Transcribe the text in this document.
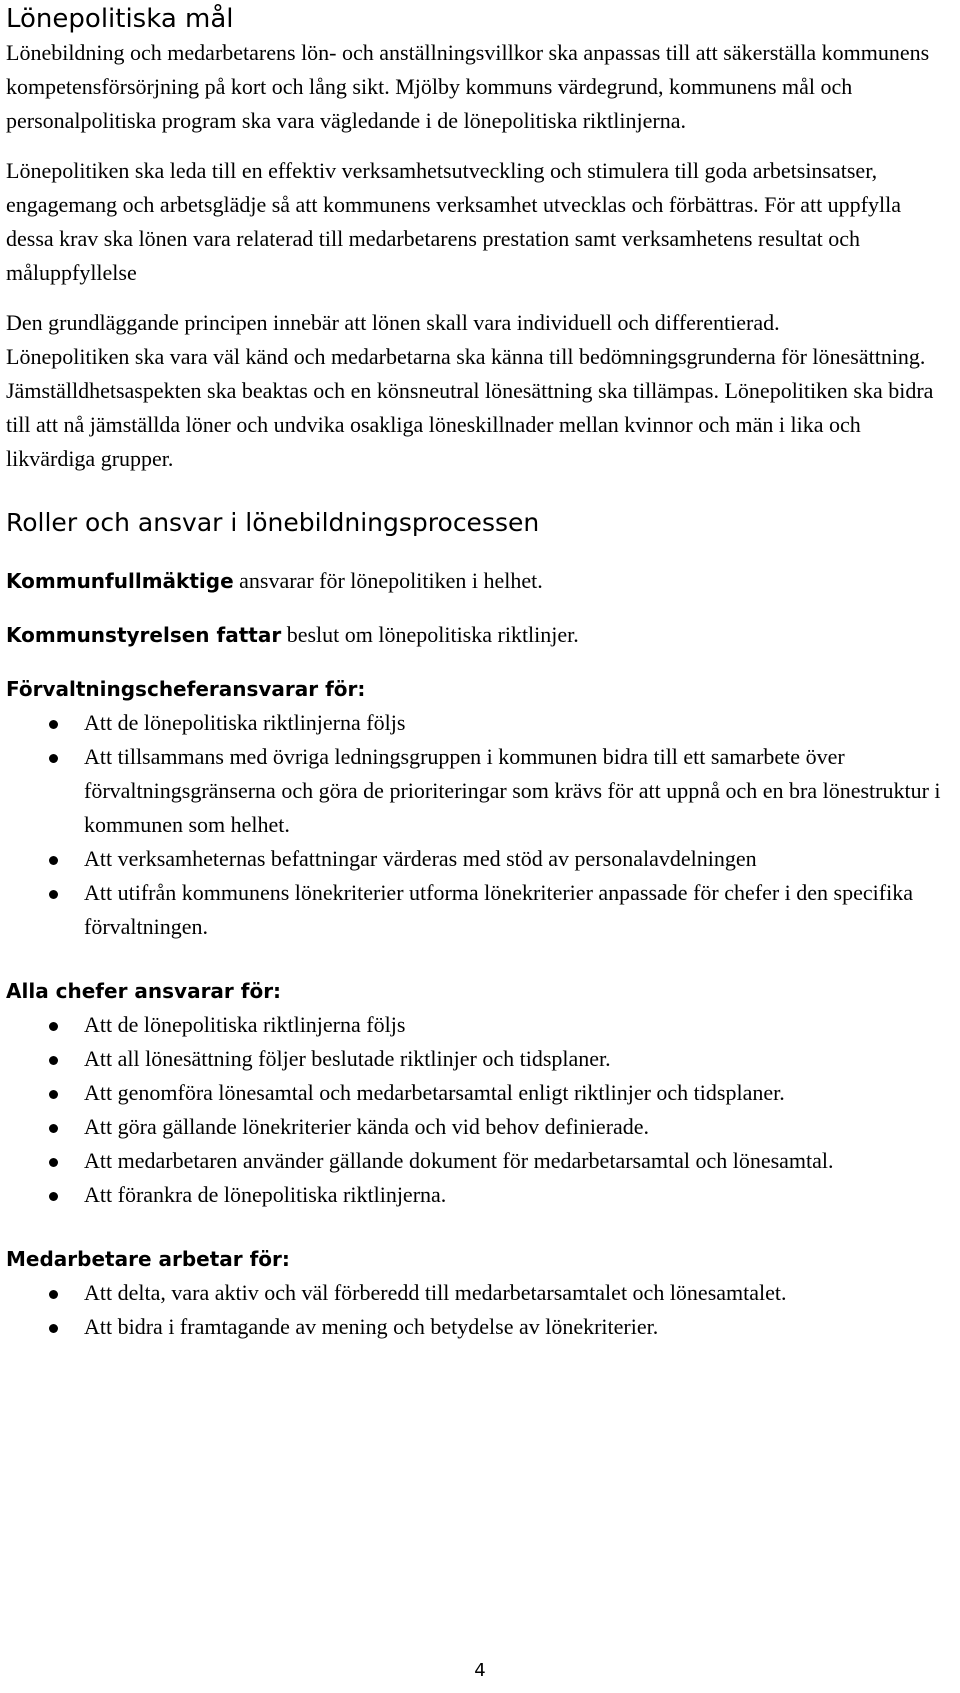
Lönepolitiska mål

Lönebildning och medarbetarens lön- och anställningsvillkor ska anpassas till att säkerställa kommunens kompetensförsörjning på kort och lång sikt. Mjölby kommuns värdegrund, kommunens mål och personalpolitiska program ska vara vägledande i de lönepolitiska riktlinjerna.

Lönepolitiken ska leda till en effektiv verksamhetsutveckling och stimulera till goda arbetsinsatser, engagemang och arbetsglädje så att kommunens verksamhet utvecklas och förbättras. För att uppfylla dessa krav ska lönen vara relaterad till medarbetarens prestation samt verksamhetens resultat och måluppfyllelse

Den grundläggande principen innebär att lönen skall vara individuell och differentierad.

Lönepolitiken ska vara väl känd och medarbetarna ska känna till bedömningsgrunderna för lönesättning. Jämställdhetsaspekten ska beaktas och en könsneutral lönesättning ska tillämpas. Lönepolitiken ska bidra till att nå jämställda löner och undvika osakliga löneskillnader mellan kvinnor och män i lika och likvärdiga grupper.

Roller och ansvar i lönebildningsprocessen

Kommunfullmäktige ansvarar för lönepolitiken i helhet.

Kommunstyrelsen fattar beslut om lönepolitiska riktlinjer.

Förvaltningscheferansvarar för:
Att de lönepolitiska riktlinjerna följs
Att tillsammans med övriga ledningsgruppen i kommunen bidra till ett samarbete över förvaltningsgränserna och göra de prioriteringar som krävs för att uppnå och en bra lönestruktur i kommunen som helhet.
Att verksamheternas befattningar värderas med stöd av personalavdelningen
Att utifrån kommunens lönekriterier utforma lönekriterier anpassade för chefer i den specifika förvaltningen.
Alla chefer ansvarar för:
Att de lönepolitiska riktlinjerna följs
Att all lönesättning följer beslutade riktlinjer och tidsplaner.
Att genomföra lönesamtal och medarbetarsamtal enligt riktlinjer och tidsplaner.
Att göra gällande lönekriterier kända och vid behov definierade.
Att medarbetaren använder gällande dokument för medarbetarsamtal och lönesamtal.
Att förankra de lönepolitiska riktlinjerna.
Medarbetare arbetar för:
Att delta, vara aktiv och väl förberedd till medarbetarsamtalet och lönesamtalet.
Att bidra i framtagande av mening och betydelse av lönekriterier.
4
